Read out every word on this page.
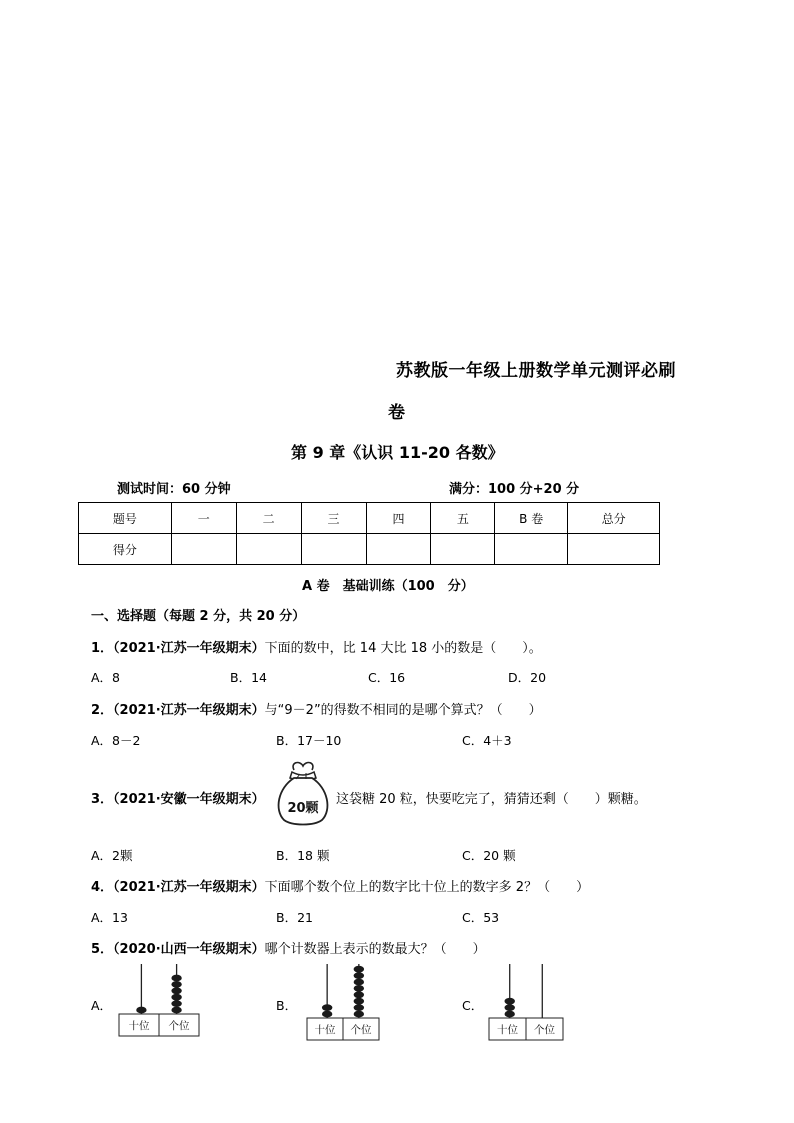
苏教版一年级上册数学单元测评必刷
卷
第 9 章《认识 11-20 各数》
测试时间：60 分钟	满分：100 分+20 分
题号	一	二	三	四	五	B 卷	总分
得分							
A 卷　基础训练（100　分）
一、选择题（每题 2 分，共 20 分）
1．（2021·江苏一年级期末）下面的数中，比 14 大比 18 小的数是（　　）。
A．8	B．14	C．16	D．20
2．（2021·江苏一年级期末）与“9－2”的得数不相同的是哪个算式？（　　）
A．8－2	B．17－10	C．4＋3
3．（2021·安徽一年级期末）
20颗
这袋糖 20 粒，快要吃完了，猜猜还剩（　　）颗糖。
A．2颗	B．18 颗	C．20 颗
4．（2021·江苏一年级期末）下面哪个数个位上的数字比十位上的数字多 2？（　　）
A．13	B．21	C．53
5．（2020·山西一年级期末）哪个计数器上表示的数最大？（　　）
A．
十位 个位
B．
十位 个位
C．
十位 个位
